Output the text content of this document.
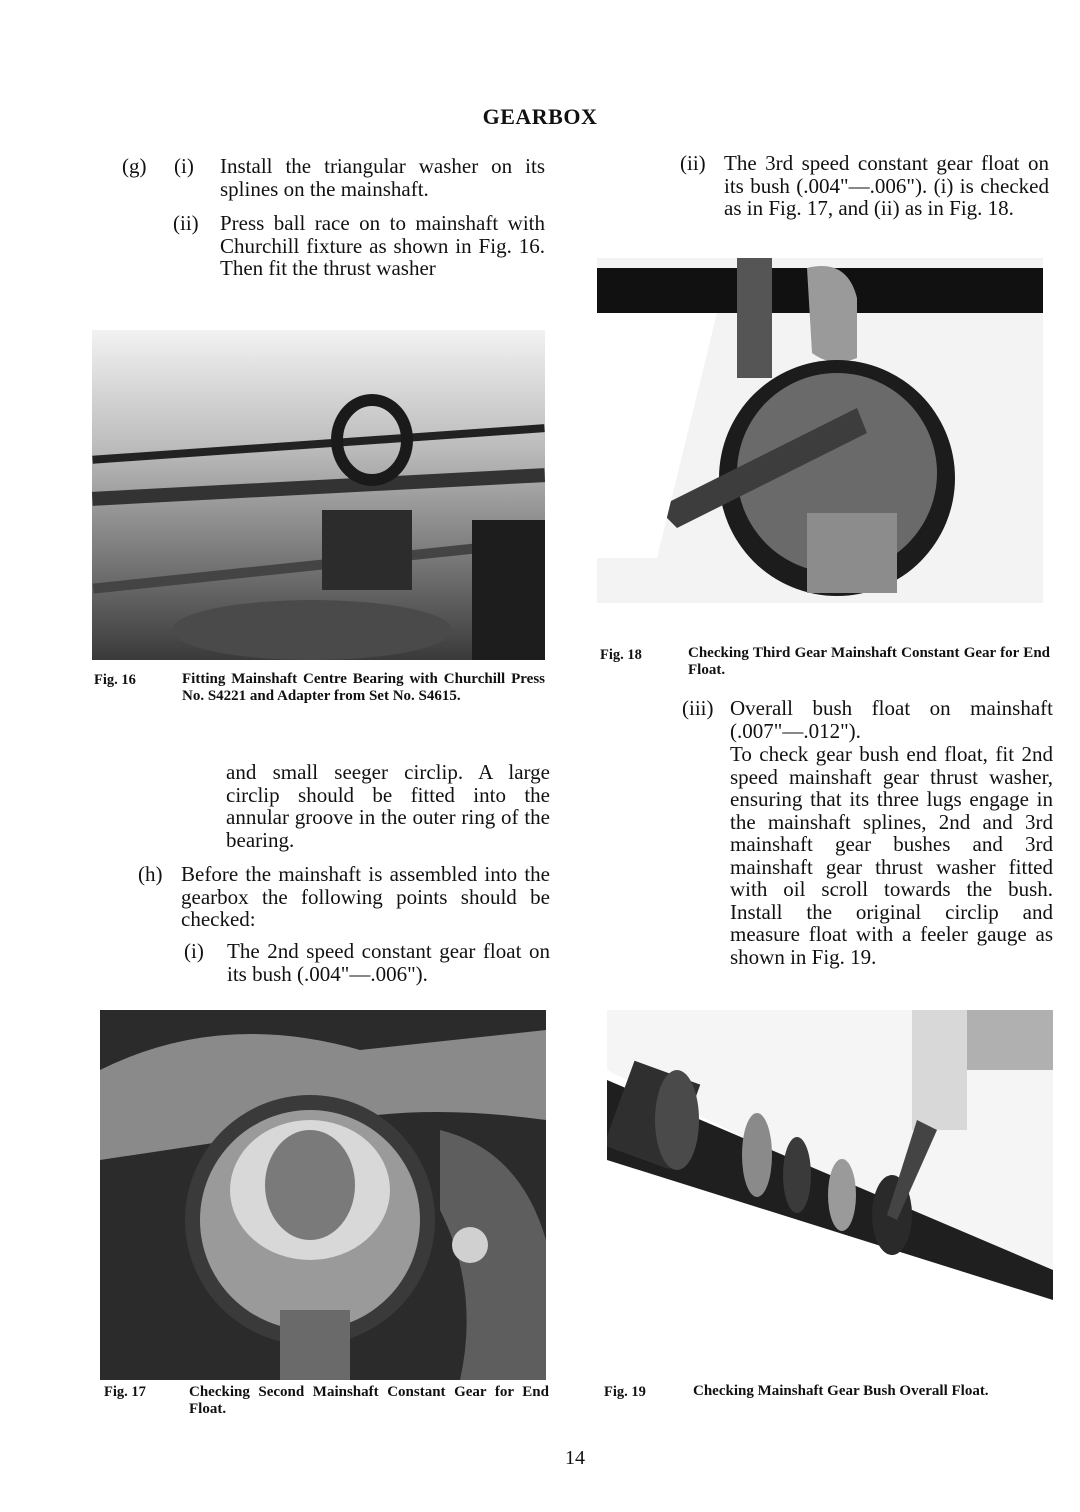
GEARBOX
(g) (i) Install the triangular washer on its splines on the mainshaft.
(ii) Press ball race on to mainshaft with Churchill fixture as shown in Fig. 16. Then fit the thrust washer
Fig. 16	Fitting Mainshaft Centre Bearing with Churchill Press No. S4221 and Adapter from Set No. S4615.
and small seeger circlip. A large circlip should be fitted into the annular groove in the outer ring of the bearing.
(h) Before the mainshaft is assembled into the gearbox the following points should be checked:
(i) The 2nd speed constant gear float on its bush (.004"—.006").
Fig. 17	Checking Second Mainshaft Constant Gear for End Float.
(ii) The 3rd speed constant gear float on its bush (.004"—.006"). (i) is checked as in Fig. 17, and (ii) as in Fig. 18.
Fig. 18	Checking Third Gear Mainshaft Constant Gear for End Float.
(iii) Overall bush float on mainshaft (.007"—.012").
To check gear bush end float, fit 2nd speed mainshaft gear thrust washer, ensuring that its three lugs engage in the mainshaft splines, 2nd and 3rd mainshaft gear bushes and 3rd mainshaft gear thrust washer fitted with oil scroll towards the bush. Install the original circlip and measure float with a feeler gauge as shown in Fig. 19.
Fig. 19	Checking Mainshaft Gear Bush Overall Float.
14
